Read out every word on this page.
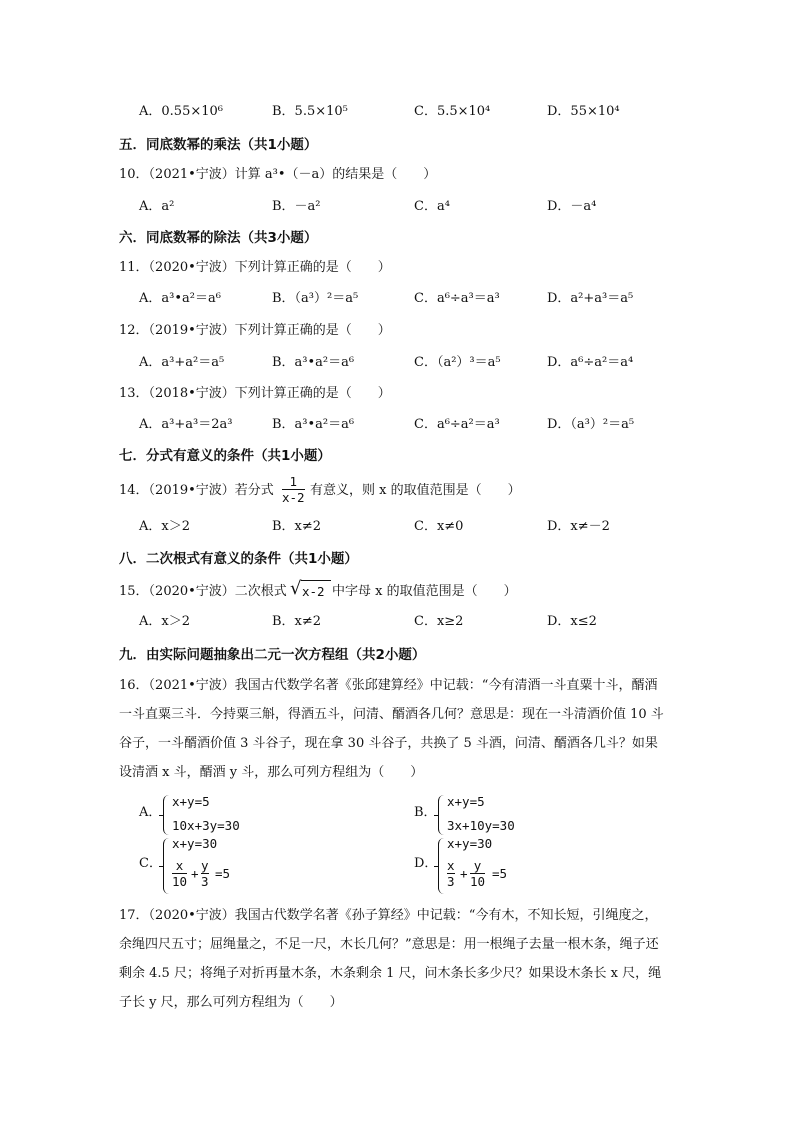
A．0.55×10⁶	B．5.5×10⁵	C．5.5×10⁴	D．55×10⁴
五．同底数幂的乘法（共1小题）
10．（2021•宁波）计算 a³•（－a）的结果是（　　）
A．a²	B．－a²	C．a⁴	D．－a⁴
六．同底数幂的除法（共3小题）
11．（2020•宁波）下列计算正确的是（　　）
A．a³•a²＝a⁶	B．（a³）²＝a⁵	C．a⁶÷a³＝a³	D．a²+a³＝a⁵
12．（2019•宁波）下列计算正确的是（　　）
A．a³+a²＝a⁵	B．a³•a²＝a⁶	C．（a²）³＝a⁵	D．a⁶÷a²＝a⁴
13．（2018•宁波）下列计算正确的是（　　）
A．a³+a³＝2a³	B．a³•a²＝a⁶	C．a⁶÷a²＝a³	D．（a³）²＝a⁵
七．分式有意义的条件（共1小题）
14．（2019•宁波）若分式
1
x-2 有意义，则 x 的取值范围是（　　）
A．x＞2	B．x≠2	C．x≠0	D．x≠－2
八．二次根式有意义的条件（共1小题）
15．（2020•宁波）二次根式 √ x-2 中字母 x 的取值范围是（　　）
A．x＞2	B．x≠2	C．x≥2	D．x≤2
九．由实际问题抽象出二元一次方程组（共2小题）
16．（2021•宁波）我国古代数学名著《张邱建算经》中记载：“今有清酒一斗直粟十斗，醑酒一斗直粟三斗．今持粟三斛，得酒五斗，问清、醑酒各几何？意思是：现在一斗清酒价值 10 斗谷子，一斗醑酒价值 3 斗谷子，现在拿 30 斗谷子，共换了 5 斗酒，问清、醑酒各几斗？如果设清酒 x 斗，醑酒 y 斗，那么可列方程组为（　　）
A．
x+y=5
10x+3y=30
B．
x+y=5
3x+10y=30
C．
x+y=30
x
10
+
y
3
=5
D．
x+y=30
x
3
+
y
10
=5
17．（2020•宁波）我国古代数学名著《孙子算经》中记载：“今有木，不知长短，引绳度之，余绳四尺五寸；屈绳量之，不足一尺，木长几何？”意思是：用一根绳子去量一根木条，绳子还剩余 4.5 尺；将绳子对折再量木条，木条剩余 1 尺，问木条长多少尺？如果设木条长 x 尺，绳子长 y 尺，那么可列方程组为（　　）
